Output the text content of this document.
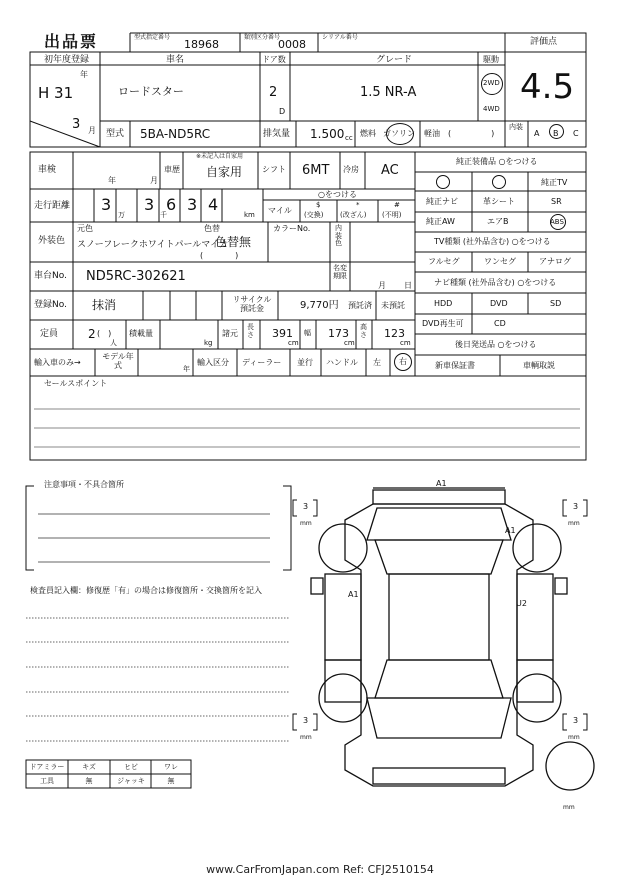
出品票	型式指定番号
18968
類別区分番号
0008
シリアル番号	評価点
4.5
初年度登録
年
H 31
3 月
車名
ロードスター
ドア数
2
D
グレード
1.5 NR-A
駆動
2WD
4WD
型式 5BA-ND5RC	排気量 1.500 cc 燃料 ガソリン 軽油 (　　　　　)
内装
A B C
車検
年	月
車歴
※未記入は自家用
自家用 シフト 6MT 冷房 AC
走行距離 3 3 6 3 4
万	千	km
○をつける
マイル
$
(交換)
*
(改ざん)
#
(不明)
外装色
元色
スノーフレークホワイトパールマイカ
色替
色替無
(　　　　)
カラーNo.	内装色
車台No. ND5RC-302621
名変期限
月 日
登録No. 抹消	リサイクル預託金	9,770円 預託済 未預託
定員 2 (　)
人
積載量
kg
諸元
長さ 391
cm
幅 173
cm
高さ 123
cm
輸入車のみ→
モデル年式	年
輸入区分 ディーラー 並行 ハンドル 左 右
純正装備品 ○をつける
純正TV
純正ナビ	革シート	SR
純正AW	エアB	ABS
TV種類 (社外品含む) ○をつける
フルセグ	ワンセグ	アナログ
ナビ種類 (社外品含む) ○をつける
HDD	DVD	SD
DVD再生可	CD
後日発送品 ○をつける
新車保証書	車輌取説
セールスポイント
注意事項・不具合箇所
検査員記入欄：修復歴「有」の場合は修復箇所・交換箇所を記入
A1
A1
A1
U2
3
mm
3
mm
3
mm
3
mm
mm
ドアミラー	キズ	ヒビ	ワレ
工具	無	ジャッキ	無
www.CarFromJapan.com Ref: CFJ2510154
